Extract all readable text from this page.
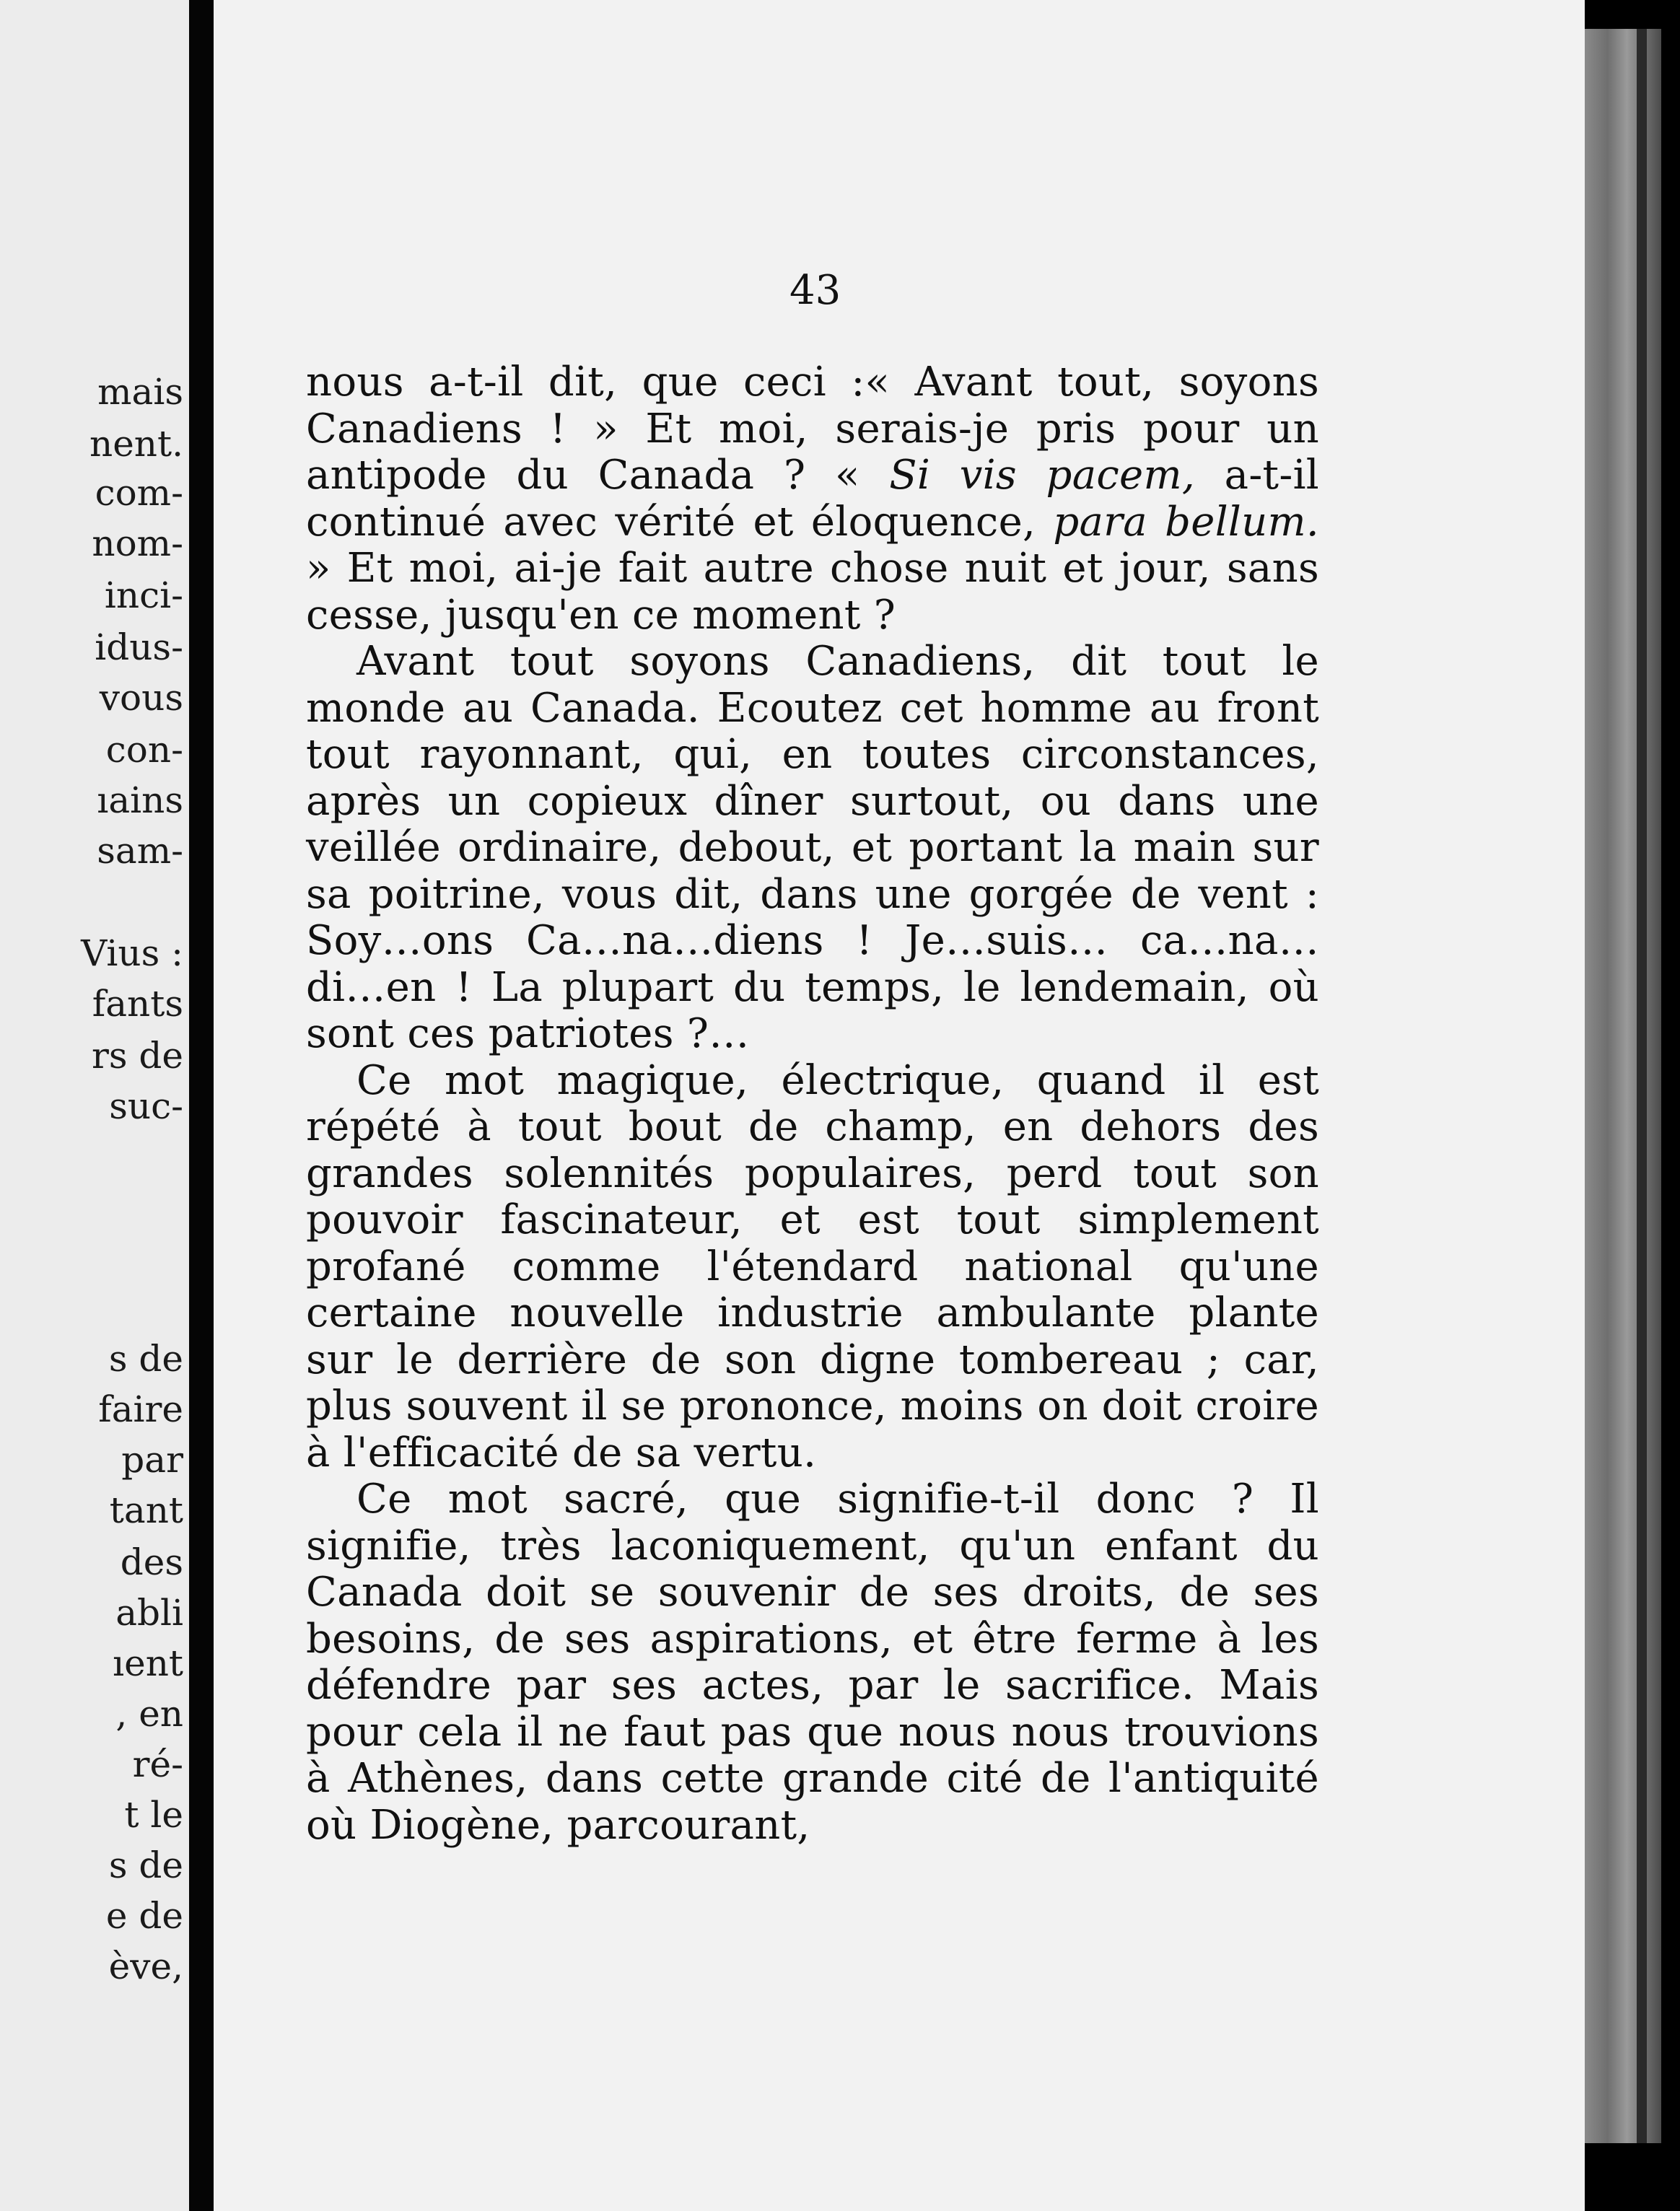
mais
nent.
com-
nom-
inci-
idus-
vous
con-
ıains
sam-
Vius :
fants
rs de
suc-
s de
faire
par
tant
des
abli
ıent
, en
ré-
t le
s de
e de
ève,
43

nous a-t-il dit, que ceci :« Avant tout, soyons Canadiens ! » Et moi, serais-je pris pour un antipode du Canada ? « Si vis pacem, a-t-il continué avec vérité et éloquence, para bellum. » Et moi, ai-je fait autre chose nuit et jour, sans cesse, jusqu'en ce moment ?

Avant tout soyons Canadiens, dit tout le monde au Canada. Ecoutez cet homme au front tout rayonnant, qui, en toutes circonstances, après un copieux dîner surtout, ou dans une veillée ordinaire, debout, et portant la main sur sa poitrine, vous dit, dans une gorgée de vent : Soy…ons Ca…na…diens ! Je…suis… ca…na…di…en ! La plupart du temps, le lendemain, où sont ces patriotes ?…

Ce mot magique, électrique, quand il est répété à tout bout de champ, en dehors des grandes solennités populaires, perd tout son pouvoir fascinateur, et est tout simplement profané comme l'étendard national qu'une certaine nouvelle industrie ambulante plante sur le derrière de son digne tombereau ; car, plus souvent il se prononce, moins on doit croire à l'efficacité de sa vertu.

Ce mot sacré, que signifie-t-il donc ? Il signifie, très laconiquement, qu'un enfant du Canada doit se souvenir de ses droits, de ses besoins, de ses aspirations, et être ferme à les défendre par ses actes, par le sacrifice. Mais pour cela il ne faut pas que nous nous trouvions à Athènes, dans cette grande cité de l'antiquité où Diogène, parcourant,
